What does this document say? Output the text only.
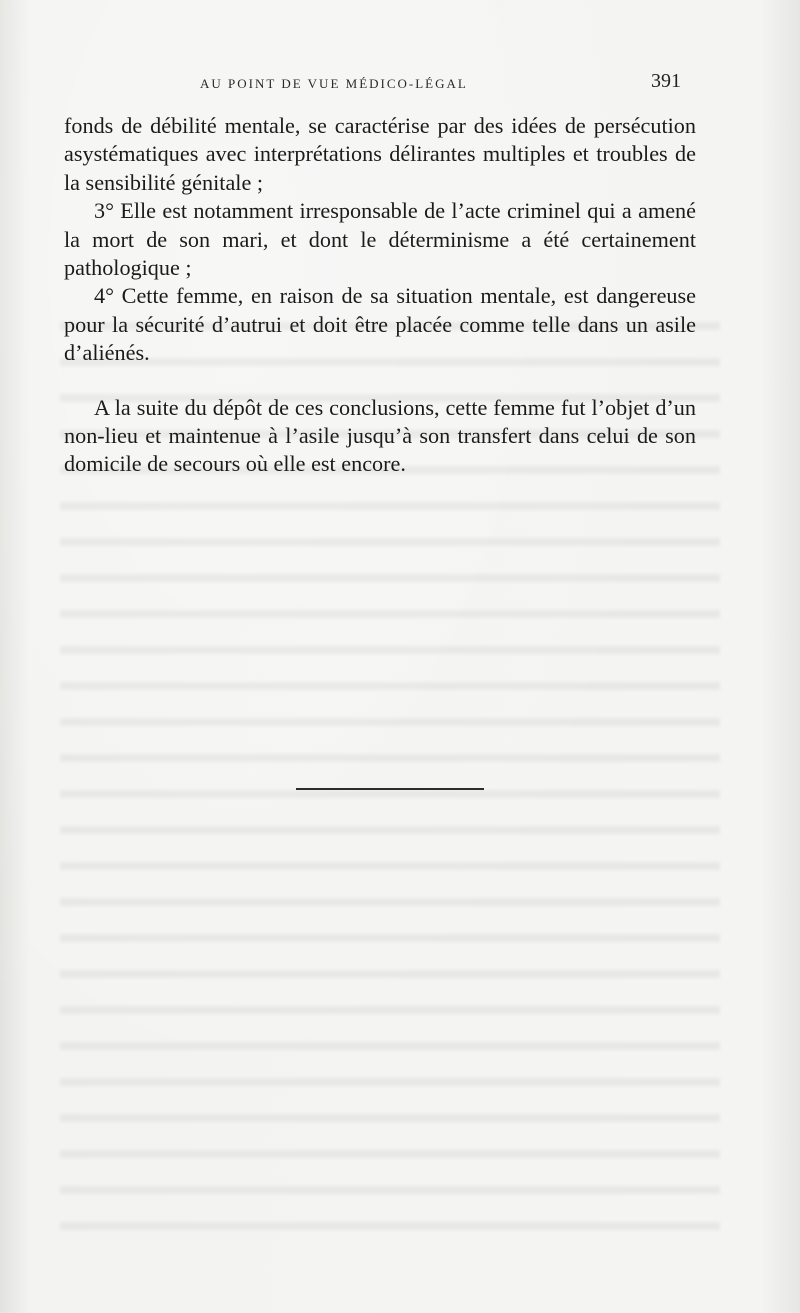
AU POINT DE VUE MÉDICO-LÉGAL	391

fonds de débilité mentale, se caractérise par des idées de persécution asystématiques avec interprétations délirantes multiples et troubles de la sensibilité génitale ;

3° Elle est notamment irresponsable de l’acte criminel qui a amené la mort de son mari, et dont le déterminisme a été certainement pathologique ;

4° Cette femme, en raison de sa situation mentale, est dangereuse pour la sécurité d’autrui et doit être placée comme telle dans un asile d’aliénés.

A la suite du dépôt de ces conclusions, cette femme fut l’objet d’un non-lieu et maintenue à l’asile jusqu’à son transfert dans celui de son domicile de secours où elle est encore.
